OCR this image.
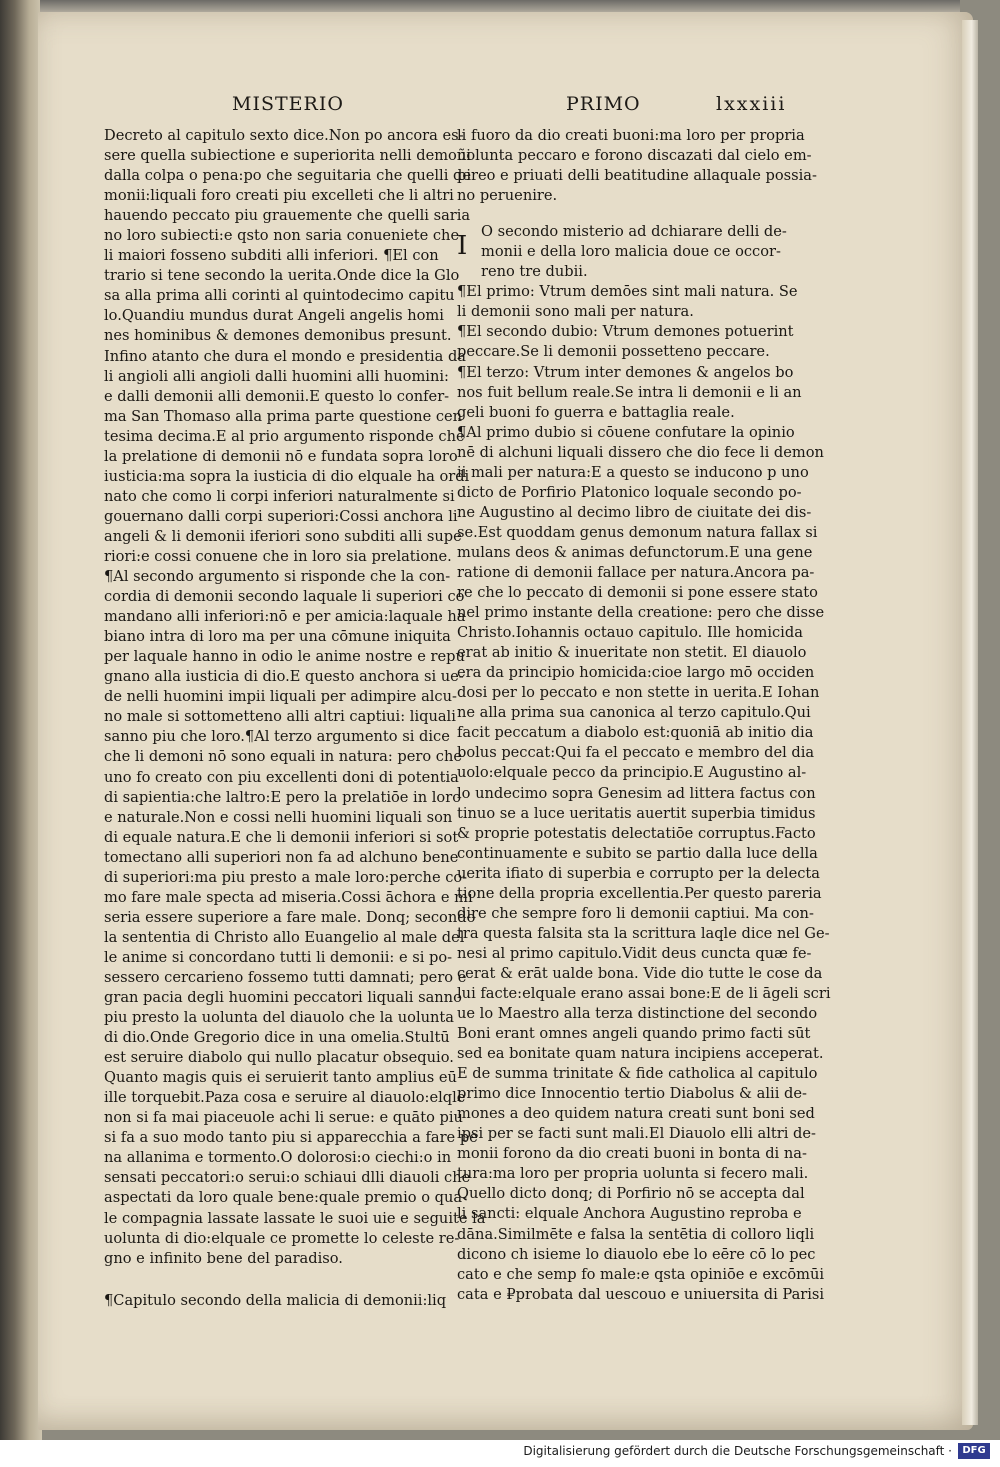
MISTERIO	PRIMO	lxxxiii
Decreto al capitulo sexto dice.Non po ancora es-
sere quella subiectione e superiorita nelli demoñi
dalla colpa o pena:po che seguitaria che quelli de
monii:liquali foro creati piu excelleti che li altri
hauendo peccato piu grauemente che quelli saria
no loro subiecti:e qsto non saria conueniete che
li maiori fosseno subditi alli inferiori. ¶El con
trario si tene secondo la uerita.Onde dice la Glo
sa alla prima alli corinti al quintodecimo capitu
lo.Quandiu mundus durat Angeli angelis homi
nes hominibus & demones demonibus presunt.
Infino atanto che dura el mondo e presidentia da
li angioli alli angioli dalli huomini alli huomini:
e dalli demonii alli demonii.E questo lo confer-
ma San Thomaso alla prima parte questione cen
tesima decima.E al prio argumento risponde che
la prelatione di demonii nō e fundata sopra loro
iusticia:ma sopra la iusticia di dio elquale ha ordi
nato che como li corpi inferiori naturalmente si
gouernano dalli corpi superiori:Cossi anchora li
angeli & li demonii iferiori sono subditi alli supe
riori:e cossi conuene che in loro sia prelatione.
¶Al secondo argumento si risponde che la con-
cordia di demonii secondo laquale li superiori co
mandano alli inferiori:nō e per amicia:laquale ha
biano intra di loro ma per una cōmune iniquita
per laquale hanno in odio le anime nostre e repu
gnano alla iusticia di dio.E questo anchora si ue-
de nelli huomini impii liquali per adimpire alcu-
no male si sottometteno alli altri captiui: liquali
sanno piu che loro.¶Al terzo argumento si dice
che li demoni nō sono equali in natura: pero che
uno fo creato con piu excellenti doni di potentia
di sapientia:che laltro:E pero la prelatiōe in loro
e naturale.Non e cossi nelli huomini liquali son
di equale natura.E che li demonii inferiori si sot
tomectano alli superiori non fa ad alchuno bene
di superiori:ma piu presto a male loro:perche co-
mo fare male specta ad miseria.Cossi āchora e mi
seria essere superiore a fare male. Donq; secondo
la sententia di Christo allo Euangelio al male del
le anime si concordano tutti li demonii: e si po-
sessero cercarieno fossemo tutti damnati; pero e
gran pacia degli huomini peccatori liquali sanno
piu presto la uolunta del diauolo che la uolunta
di dio.Onde Gregorio dice in una omelia.Stultū
est seruire diabolo qui nullo placatur obsequio.
Quanto magis quis ei seruierit tanto amplius eū
ille torquebit.Paza cosa e seruire al diauolo:elqle
non si fa mai piaceuole achi li serue: e quāto piu
si fa a suo modo tanto piu si apparecchia a fare pe
na allanima e tormento.O dolorosi:o ciechi:o in
sensati peccatori:o serui:o schiaui dlli diauoli che
aspectati da loro quale bene:quale premio o qua-
le compagnia lassate lassate le suoi uie e seguite la
uolunta di dio:elquale ce promette lo celeste re-
gno e infinito bene del paradiso.
¶Capitulo secondo della malicia di demonii:liq
li fuoro da dio creati buoni:ma loro per propria
uolunta peccaro e forono discazati dal cielo em-
pireo e priuati delli beatitudine allaquale possia-
no peruenire.
I O secondo misterio ad dchiarare delli de-
monii e della loro malicia doue ce occor-
reno tre dubii.
¶El primo: Vtrum demōes sint mali natura. Se
li demonii sono mali per natura.
¶El secondo dubio: Vtrum demones potuerint
peccare.Se li demonii possetteno peccare.
¶El terzo: Vtrum inter demones & angelos bo
nos fuit bellum reale.Se intra li demonii e li an
geli buoni fo guerra e battaglia reale.
¶Al primo dubio si cōuene confutare la opinio
nē di alchuni liquali dissero che dio fece li demon
ii mali per natura:E a questo se inducono p uno
dicto de Porfirio Platonico loquale secondo po-
ne Augustino al decimo libro de ciuitate dei dis-
se.Est quoddam genus demonum natura fallax si
mulans deos & animas defunctorum.E una gene
ratione di demonii fallace per natura.Ancora pa-
re che lo peccato di demonii si pone essere stato
nel primo instante della creatione: pero che disse
Christo.Iohannis octauo capitulo. Ille homicida
erat ab initio & inueritate non stetit. El diauolo
era da principio homicida:cioe largo mō occiden
dosi per lo peccato e non stette in uerita.E Iohan
ne alla prima sua canonica al terzo capitulo.Qui
facit peccatum a diabolo est:quoniā ab initio dia
bolus peccat:Qui fa el peccato e membro del dia
uolo:elquale pecco da principio.E Augustino al-
lo undecimo sopra Genesim ad littera factus con
tinuo se a luce ueritatis auertit superbia timidus
& proprie potestatis delectatiōe corruptus.Facto
continuamente e subito se partio dalla luce della
uerita ifiato di superbia e corrupto per la delecta
tione della propria excellentia.Per questo pareria
dire che sempre foro li demonii captiui. Ma con-
tra questa falsita sta la scrittura laqle dice nel Ge-
nesi al primo capitulo.Vidit deus cuncta quæ fe-
cerat & erāt ualde bona. Vide dio tutte le cose da
lui facte:elquale erano assai bone:E de li āgeli scri
ue lo Maestro alla terza distinctione del secondo
Boni erant omnes angeli quando primo facti sūt
sed ea bonitate quam natura incipiens acceperat.
E de summa trinitate & fide catholica al capitulo
primo dice Innocentio tertio Diabolus & alii de-
mones a deo quidem natura creati sunt boni sed
ipsi per se facti sunt mali.El Diauolo elli altri de-
monii forono da dio creati buoni in bonta di na-
tura:ma loro per propria uolunta si fecero mali.
Quello dicto donq; di Porfirio nō se accepta dal
li sancti: elquale Anchora Augustino reproba e
dāna.Similmēte e falsa la sentētia di colloro liqli
dicono ch isieme lo diauolo ebe lo eēre cō lo pec
cato e che semp fo male:e qsta opiniōe e excōmūi
cata e ₽probata dal uescouo e uniuersita di Parisi
Digitalisierung gefördert durch die Deutsche Forschungsgemeinschaft ·	DFG
